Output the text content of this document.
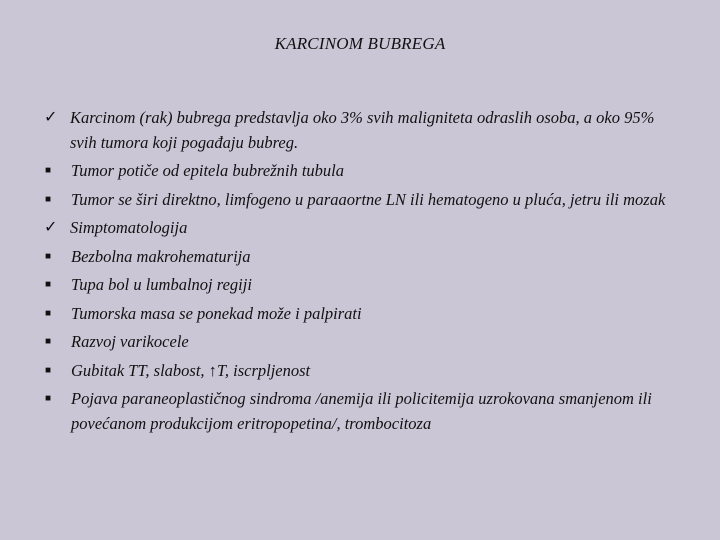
KARCINOM BUBREGA
✓ Karcinom (rak) bubrega predstavlja oko 3% svih maligniteta odraslih osoba, a oko 95% svih tumora koji pogađaju bubreg.
■	Tumor potiče od epitela bubrežnih tubula
■	Tumor se širi direktno, limfogeno u paraaortne LN ili hematogeno u pluća, jetru ili mozak
✓ Simptomatologija
■	Bezbolna makrohematurija
■	Tupa bol u lumbalnoj regiji
■	Tumorska masa se ponekad može i palpirati
■	Razvoj varikocele
■	Gubitak TT, slabost, ↑T, iscrpljenost
■	Pojava paraneoplastičnog sindroma /anemija ili policitemija uzrokovana smanjenom ili povećanom produkcijom eritropopetina/, trombocitoza
